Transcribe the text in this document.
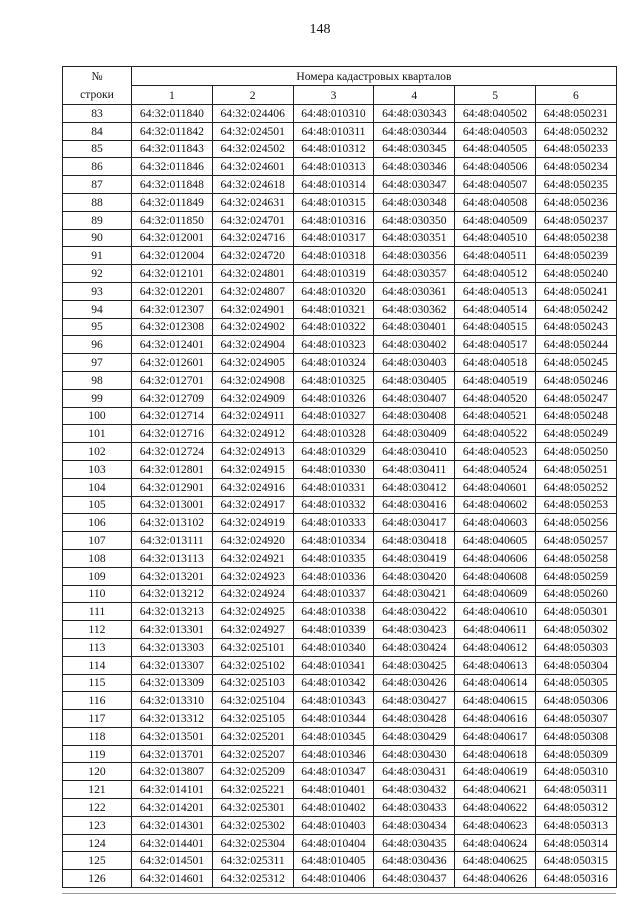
148
№	Номера кадастровых кварталов					
строки	1	2	3	4	5	6
83	64:32:011840	64:32:024406	64:48:010310	64:48:030343	64:48:040502	64:48:050231
84	64:32:011842	64:32:024501	64:48:010311	64:48:030344	64:48:040503	64:48:050232
85	64:32:011843	64:32:024502	64:48:010312	64:48:030345	64:48:040505	64:48:050233
86	64:32:011846	64:32:024601	64:48:010313	64:48:030346	64:48:040506	64:48:050234
87	64:32:011848	64:32:024618	64:48:010314	64:48:030347	64:48:040507	64:48:050235
88	64:32:011849	64:32:024631	64:48:010315	64:48:030348	64:48:040508	64:48:050236
89	64:32:011850	64:32:024701	64:48:010316	64:48:030350	64:48:040509	64:48:050237
90	64:32:012001	64:32:024716	64:48:010317	64:48:030351	64:48:040510	64:48:050238
91	64:32:012004	64:32:024720	64:48:010318	64:48:030356	64:48:040511	64:48:050239
92	64:32:012101	64:32:024801	64:48:010319	64:48:030357	64:48:040512	64:48:050240
93	64:32:012201	64:32:024807	64:48:010320	64:48:030361	64:48:040513	64:48:050241
94	64:32:012307	64:32:024901	64:48:010321	64:48:030362	64:48:040514	64:48:050242
95	64:32:012308	64:32:024902	64:48:010322	64:48:030401	64:48:040515	64:48:050243
96	64:32:012401	64:32:024904	64:48:010323	64:48:030402	64:48:040517	64:48:050244
97	64:32:012601	64:32:024905	64:48:010324	64:48:030403	64:48:040518	64:48:050245
98	64:32:012701	64:32:024908	64:48:010325	64:48:030405	64:48:040519	64:48:050246
99	64:32:012709	64:32:024909	64:48:010326	64:48:030407	64:48:040520	64:48:050247
100	64:32:012714	64:32:024911	64:48:010327	64:48:030408	64:48:040521	64:48:050248
101	64:32:012716	64:32:024912	64:48:010328	64:48:030409	64:48:040522	64:48:050249
102	64:32:012724	64:32:024913	64:48:010329	64:48:030410	64:48:040523	64:48:050250
103	64:32:012801	64:32:024915	64:48:010330	64:48:030411	64:48:040524	64:48:050251
104	64:32:012901	64:32:024916	64:48:010331	64:48:030412	64:48:040601	64:48:050252
105	64:32:013001	64:32:024917	64:48:010332	64:48:030416	64:48:040602	64:48:050253
106	64:32:013102	64:32:024919	64:48:010333	64:48:030417	64:48:040603	64:48:050256
107	64:32:013111	64:32:024920	64:48:010334	64:48:030418	64:48:040605	64:48:050257
108	64:32:013113	64:32:024921	64:48:010335	64:48:030419	64:48:040606	64:48:050258
109	64:32:013201	64:32:024923	64:48:010336	64:48:030420	64:48:040608	64:48:050259
110	64:32:013212	64:32:024924	64:48:010337	64:48:030421	64:48:040609	64:48:050260
111	64:32:013213	64:32:024925	64:48:010338	64:48:030422	64:48:040610	64:48:050301
112	64:32:013301	64:32:024927	64:48:010339	64:48:030423	64:48:040611	64:48:050302
113	64:32:013303	64:32:025101	64:48:010340	64:48:030424	64:48:040612	64:48:050303
114	64:32:013307	64:32:025102	64:48:010341	64:48:030425	64:48:040613	64:48:050304
115	64:32:013309	64:32:025103	64:48:010342	64:48:030426	64:48:040614	64:48:050305
116	64:32:013310	64:32:025104	64:48:010343	64:48:030427	64:48:040615	64:48:050306
117	64:32:013312	64:32:025105	64:48:010344	64:48:030428	64:48:040616	64:48:050307
118	64:32:013501	64:32:025201	64:48:010345	64:48:030429	64:48:040617	64:48:050308
119	64:32:013701	64:32:025207	64:48:010346	64:48:030430	64:48:040618	64:48:050309
120	64:32:013807	64:32:025209	64:48:010347	64:48:030431	64:48:040619	64:48:050310
121	64:32:014101	64:32:025221	64:48:010401	64:48:030432	64:48:040621	64:48:050311
122	64:32:014201	64:32:025301	64:48:010402	64:48:030433	64:48:040622	64:48:050312
123	64:32:014301	64:32:025302	64:48:010403	64:48:030434	64:48:040623	64:48:050313
124	64:32:014401	64:32:025304	64:48:010404	64:48:030435	64:48:040624	64:48:050314
125	64:32:014501	64:32:025311	64:48:010405	64:48:030436	64:48:040625	64:48:050315
126	64:32:014601	64:32:025312	64:48:010406	64:48:030437	64:48:040626	64:48:050316
